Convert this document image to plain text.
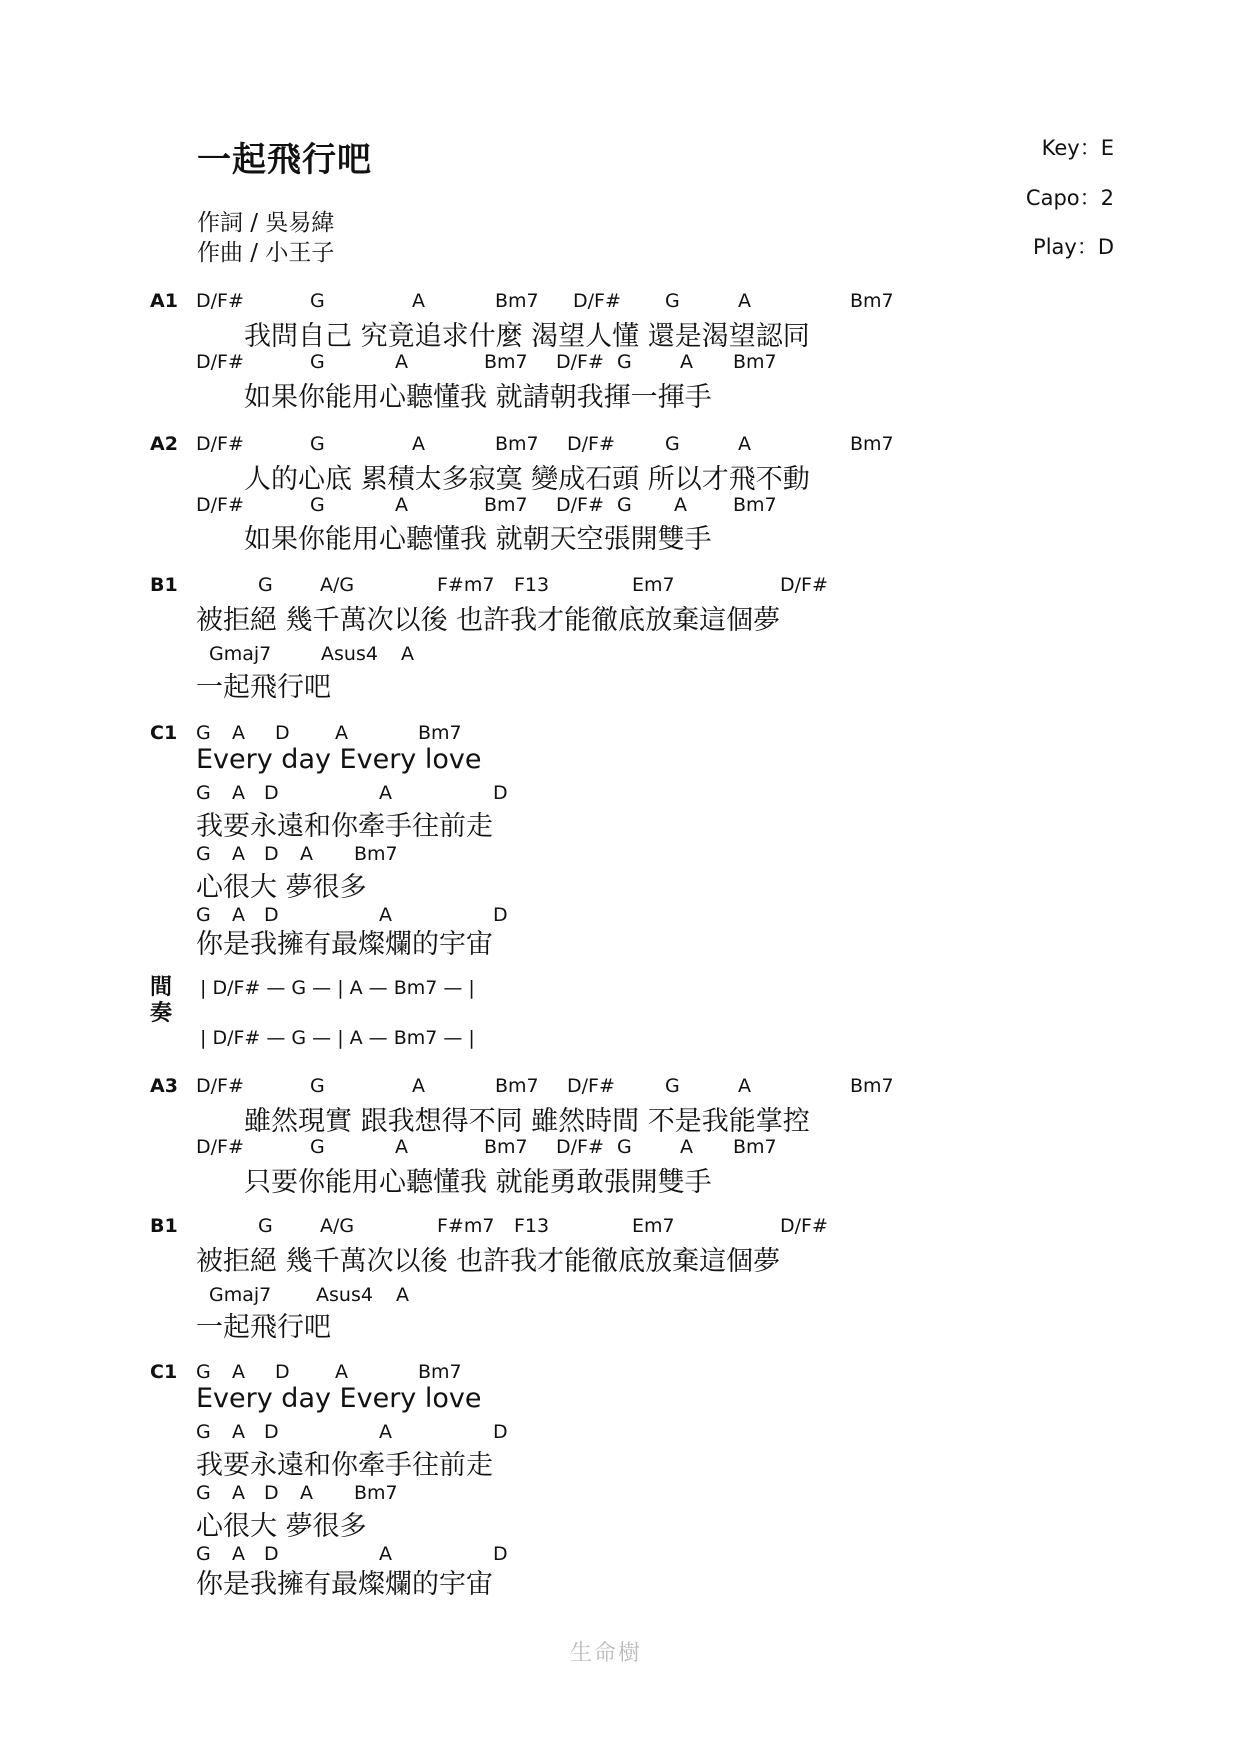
一起飛行吧
作詞 / 吳易緯
作曲 / 小王子
Key：E
Capo：2
Play：D
A1 D/F#	G	A	Bm7 D/F# G	A	Bm7
我問自己 究竟追求什麼 渴望人懂 還是渴望認同
D/F#	G	A	Bm7 D/F# G	A Bm7
如果你能用心聽懂我 就請朝我揮一揮手
A2 D/F#	G	A	Bm7 D/F#	G	A	Bm7
人的心底 累積太多寂寞 變成石頭 所以才飛不動
D/F#	G	A	Bm7 D/F# G A Bm7
如果你能用心聽懂我 就朝天空張開雙手
B1	G A/G	F#m7 F13	Em7	D/F#
被拒絕 幾千萬次以後 也許我才能徹底放棄這個夢
Gmaj7	Asus4 A
一起飛行吧
C1 G A D A	Bm7
Every day Every love
G A D	A	D
我要永遠和你牽手往前走
G A D A Bm7
心很大 夢很多
G A D	A	D
你是我擁有最燦爛的宇宙
間
奏
| D/F# — G — | A — Bm7 — |
| D/F# — G — | A — Bm7 — |
A3 D/F#	G	A	Bm7 D/F#	G	A	Bm7
雖然現實 跟我想得不同 雖然時間 不是我能掌控
D/F#	G	A	Bm7 D/F# G	A Bm7
只要你能用心聽懂我 就能勇敢張開雙手
B1	G A/G	F#m7 F13	Em7	D/F#
被拒絕 幾千萬次以後 也許我才能徹底放棄這個夢
Gmaj7 Asus4 A
一起飛行吧
C1 G A D A	Bm7
Every day Every love
G A D	A	D
我要永遠和你牽手往前走
G A D A Bm7
心很大 夢很多
G A D	A	D
你是我擁有最燦爛的宇宙
生命樹
